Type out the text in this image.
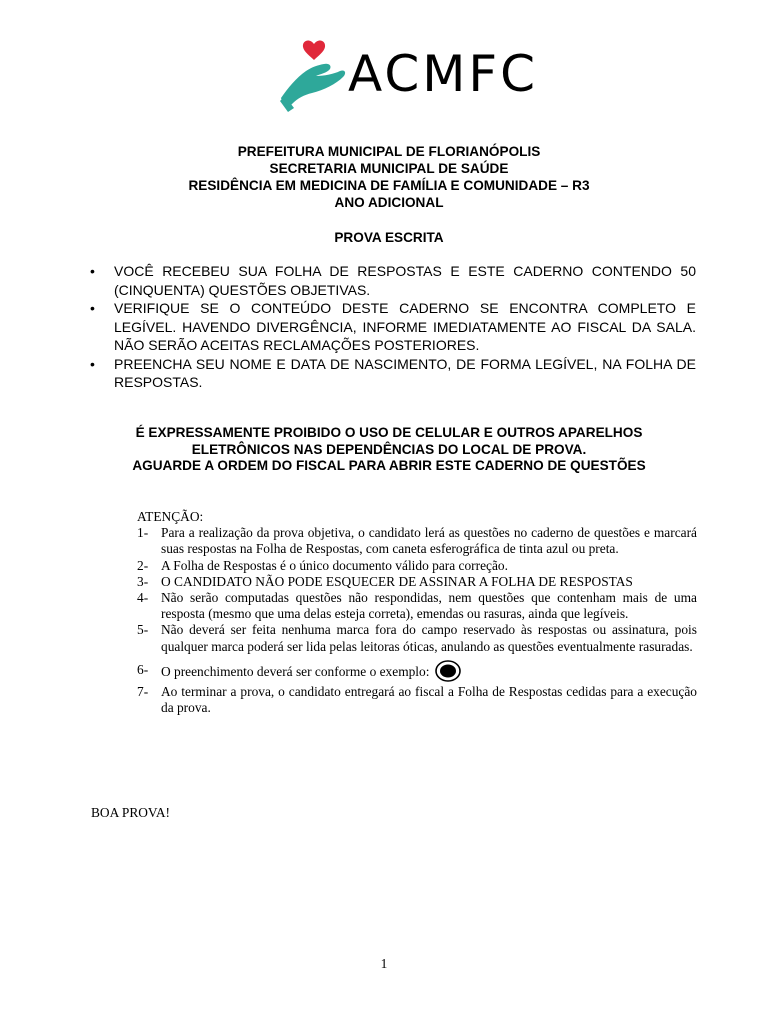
ACMFC
PREFEITURA MUNICIPAL DE FLORIANÓPOLIS
SECRETARIA MUNICIPAL DE SAÚDE
RESIDÊNCIA EM MEDICINA DE FAMÍLIA E COMUNIDADE – R3
ANO ADICIONAL
PROVA ESCRITA
• VOCÊ RECEBEU SUA FOLHA DE RESPOSTAS E ESTE CADERNO CONTENDO 50 (CINQUENTA) QUESTÕES OBJETIVAS.
• VERIFIQUE SE O CONTEÚDO DESTE CADERNO SE ENCONTRA COMPLETO E LEGÍVEL. HAVENDO DIVERGÊNCIA, INFORME IMEDIATAMENTE AO FISCAL DA SALA. NÃO SERÃO ACEITAS RECLAMAÇÕES POSTERIORES.
• PREENCHA SEU NOME E DATA DE NASCIMENTO, DE FORMA LEGÍVEL, NA FOLHA DE RESPOSTAS.
É EXPRESSAMENTE PROIBIDO O USO DE CELULAR E OUTROS APARELHOS
ELETRÔNICOS NAS DEPENDÊNCIAS DO LOCAL DE PROVA.
AGUARDE A ORDEM DO FISCAL PARA ABRIR ESTE CADERNO DE QUESTÕES
ATENÇÃO:
1- Para a realização da prova objetiva, o candidato lerá as questões no caderno de questões e marcará suas respostas na Folha de Respostas, com caneta esferográfica de tinta azul ou preta.
2- A Folha de Respostas é o único documento válido para correção.
3- O CANDIDATO NÃO PODE ESQUECER DE ASSINAR A FOLHA DE RESPOSTAS
4- Não serão computadas questões não respondidas, nem questões que contenham mais de uma resposta (mesmo que uma delas esteja correta), emendas ou rasuras, ainda que legíveis.
5- Não deverá ser feita nenhuma marca fora do campo reservado às respostas ou assinatura, pois qualquer marca poderá ser lida pelas leitoras óticas, anulando as questões eventualmente rasuradas.
6- O preenchimento deverá ser conforme o exemplo:
7- Ao terminar a prova, o candidato entregará ao fiscal a Folha de Respostas cedidas para a execução da prova.
BOA PROVA!
1
